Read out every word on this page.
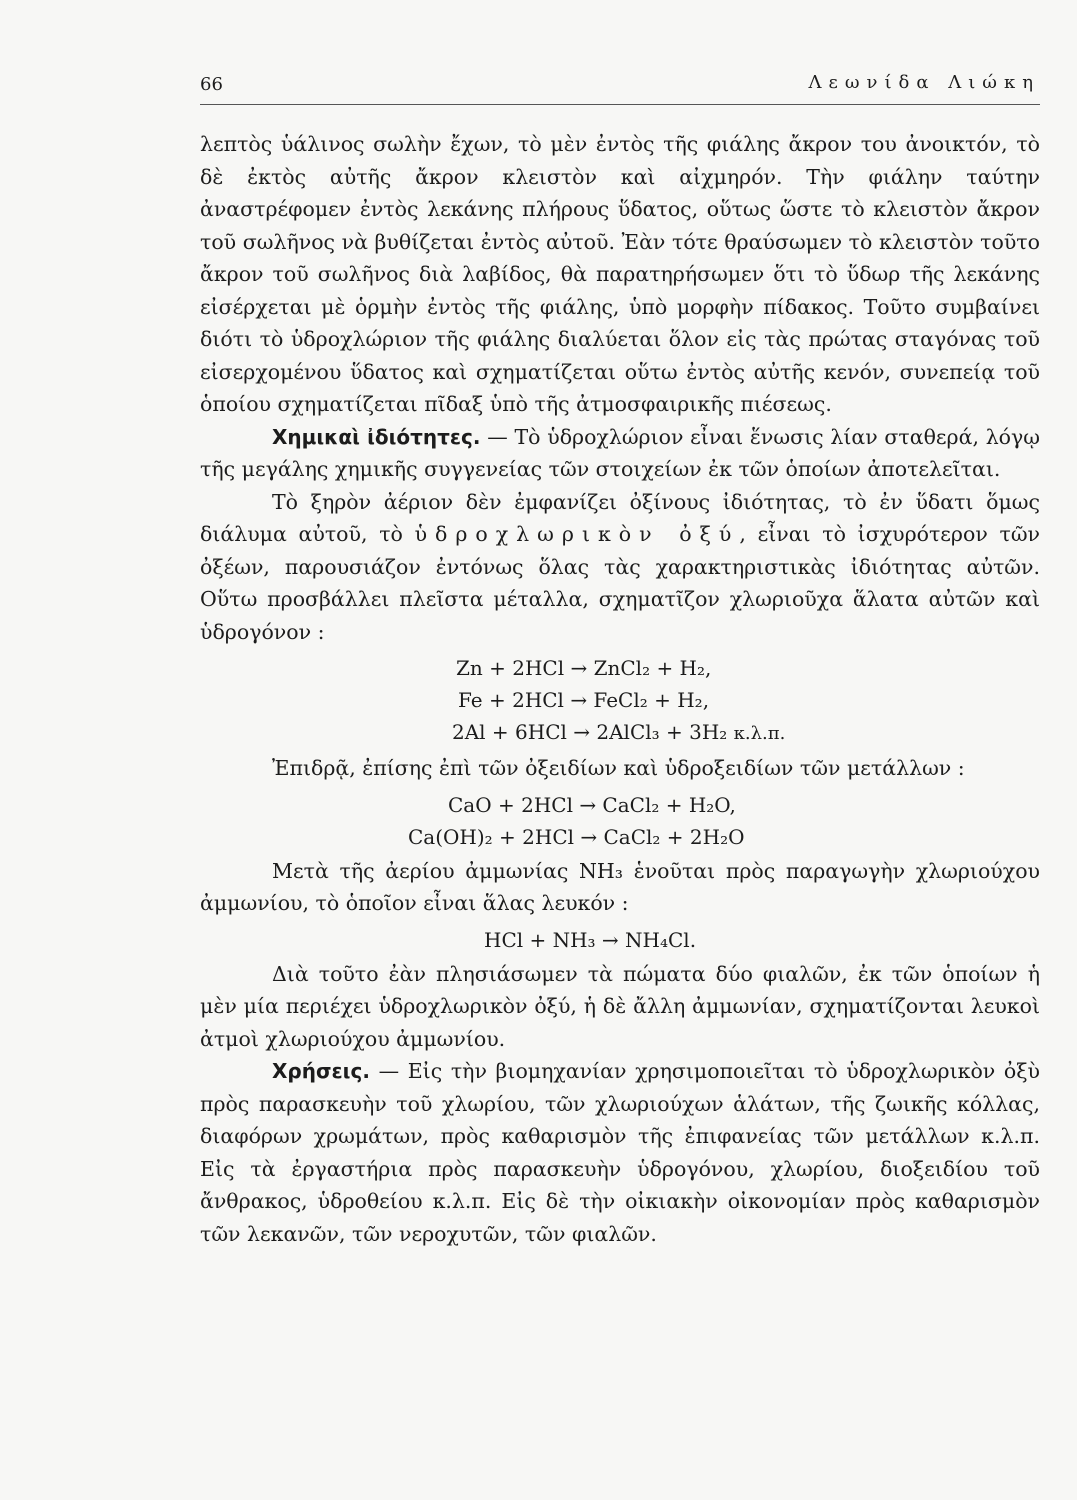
66	Λεωνίδα Λιώκη

λεπτὸς ὑάλινος σωλὴν ἔχων, τὸ μὲν ἐντὸς τῆς φιάλης ἄκρον του ἀνοικτόν, τὸ δὲ ἐκτὸς αὐτῆς ἄκρον κλειστὸν καὶ αἰχμηρόν. Τὴν φιάλην ταύτην ἀναστρέφομεν ἐντὸς λεκάνης πλήρους ὕδατος, οὕτως ὥστε τὸ κλειστὸν ἄκρον τοῦ σωλῆνος νὰ βυθίζεται ἐντὸς αὐτοῦ. Ἐὰν τότε θραύσωμεν τὸ κλειστὸν τοῦτο ἄκρον τοῦ σωλῆνος διὰ λαβίδος, θὰ παρατηρήσωμεν ὅτι τὸ ὕδωρ τῆς λεκάνης εἰσέρχεται μὲ ὁρμὴν ἐντὸς τῆς φιάλης, ὑπὸ μορφὴν πίδακος. Τοῦτο συμβαίνει διότι τὸ ὑδροχλώριον τῆς φιάλης διαλύεται ὅλον εἰς τὰς πρώτας σταγόνας τοῦ εἰσερχομένου ὕδατος καὶ σχηματίζεται οὕτω ἐντὸς αὐτῆς κενόν, συνεπείᾳ τοῦ ὁποίου σχηματίζεται πῖδαξ ὑπὸ τῆς ἀτμοσφαιρικῆς πιέσεως.

Χημικαὶ ἰδιότητες. — Τὸ ὑδροχλώριον εἶναι ἕνωσις λίαν σταθερά, λόγῳ τῆς μεγάλης χημικῆς συγγενείας τῶν στοιχείων ἐκ τῶν ὁποίων ἀποτελεῖται.

Τὸ ξηρὸν ἀέριον δὲν ἐμφανίζει ὀξίνους ἰδιότητας, τὸ ἐν ὕδατι ὅμως διάλυμα αὐτοῦ, τὸ ὑδροχλωρικὸν ὀξύ, εἶναι τὸ ἰσχυρότερον τῶν ὀξέων, παρουσιάζον ἐντόνως ὅλας τὰς χαρακτηριστικὰς ἰδιότητας αὐτῶν. Οὕτω προσβάλλει πλεῖστα μέταλλα, σχηματῖζον χλωριοῦχα ἅλατα αὐτῶν καὶ ὑδρογόνον :

Zn + 2HCl → ZnCl₂ + H₂,
Fe + 2HCl → FeCl₂ + H₂,
2Al + 6HCl → 2AlCl₃ + 3H₂ κ.λ.π.

Ἐπιδρᾷ, ἐπίσης ἐπὶ τῶν ὀξειδίων καὶ ὑδροξειδίων τῶν μετάλλων :

CaO + 2HCl → CaCl₂ + H₂O,
Ca(OH)₂ + 2HCl → CaCl₂ + 2H₂O

Μετὰ τῆς ἀερίου ἀμμωνίας NH₃ ἑνοῦται πρὸς παραγωγὴν χλωριούχου ἀμμωνίου, τὸ ὁποῖον εἶναι ἅλας λευκόν :

HCl + NH₃ → NH₄Cl.

Διὰ τοῦτο ἐὰν πλησιάσωμεν τὰ πώματα δύο φιαλῶν, ἐκ τῶν ὁποίων ἡ μὲν μία περιέχει ὑδροχλωρικὸν ὀξύ, ἡ δὲ ἄλλη ἀμμωνίαν, σχηματίζονται λευκοὶ ἀτμοὶ χλωριούχου ἀμμωνίου.

Χρήσεις. — Εἰς τὴν βιομηχανίαν χρησιμοποιεῖται τὸ ὑδροχλωρικὸν ὀξὺ πρὸς παρασκευὴν τοῦ χλωρίου, τῶν χλωριούχων ἁλάτων, τῆς ζωικῆς κόλλας, διαφόρων χρωμάτων, πρὸς καθαρισμὸν τῆς ἐπιφανείας τῶν μετάλλων κ.λ.π. Εἰς τὰ ἐργαστήρια πρὸς παρασκευὴν ὑδρογόνου, χλωρίου, διοξειδίου τοῦ ἄνθρακος, ὑδροθείου κ.λ.π. Εἰς δὲ τὴν οἰκιακὴν οἰκονομίαν πρὸς καθαρισμὸν τῶν λεκανῶν, τῶν νεροχυτῶν, τῶν φιαλῶν.
